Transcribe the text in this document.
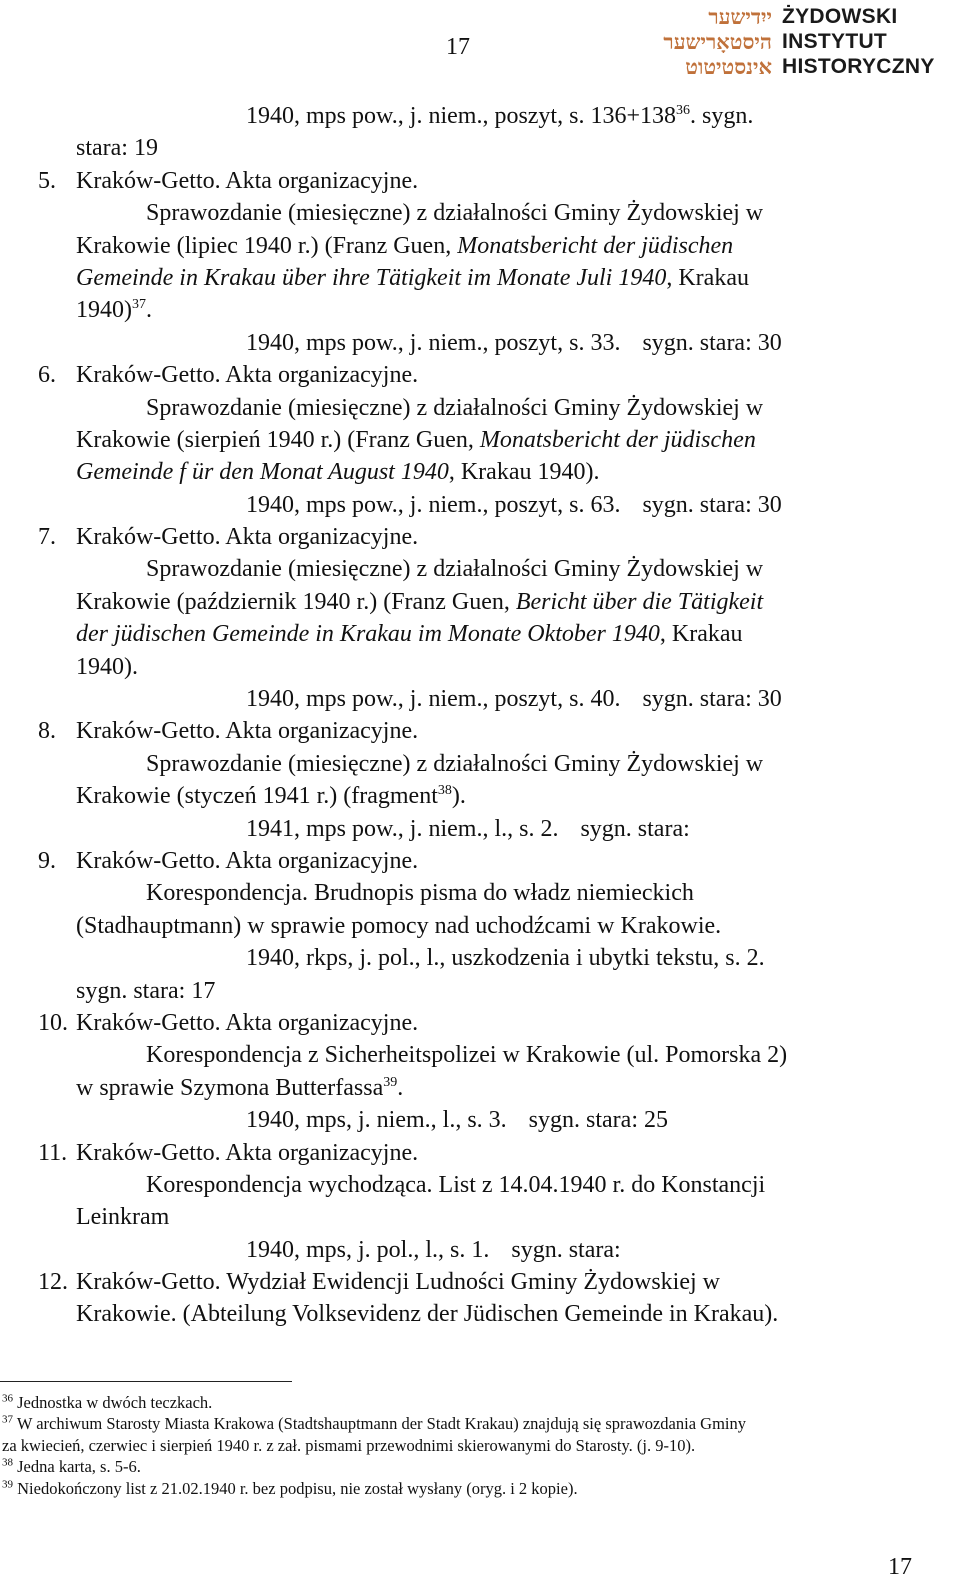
17
ייִדישער
היסטאָרישער
אינסטיטוט
ŻYDOWSKI
INSTYTUT
HISTORYCZNY
1940, mps pow., j. niem., poszyt, s. $136+138^{36}$. sygn.
stara: 19
5. Kraków-Getto. Akta organizacyjne.
Sprawozdanie (miesięczne) z działalności Gminy Żydowskiej w
Krakowie (lipiec 1940 r.) (Franz Guen, Monatsbericht der jüdischen
Gemeinde in Krakau über ihre Tätigkeit im Monate Juli 1940, Krakau
1940)$^{37}$.
1940, mps pow., j. niem., poszyt, s. 33. sygn. stara: 30
6. Kraków-Getto. Akta organizacyjne.
Sprawozdanie (miesięczne) z działalności Gminy Żydowskiej w
Krakowie (sierpień 1940 r.) (Franz Guen, Monatsbericht der jüdischen
Gemeinde f ür den Monat August 1940, Krakau 1940).
1940, mps pow., j. niem., poszyt, s. 63. sygn. stara: 30
7. Kraków-Getto. Akta organizacyjne.
Sprawozdanie (miesięczne) z działalności Gminy Żydowskiej w
Krakowie (październik 1940 r.) (Franz Guen, Bericht über die Tätigkeit
der jüdischen Gemeinde in Krakau im Monate Oktober 1940, Krakau
1940).
1940, mps pow., j. niem., poszyt, s. 40. sygn. stara: 30
8. Kraków-Getto. Akta organizacyjne.
Sprawozdanie (miesięczne) z działalności Gminy Żydowskiej w
Krakowie (styczeń 1941 r.) (fragment$^{38}$).
1941, mps pow., j. niem., l., s. 2. sygn. stara:
9. Kraków-Getto. Akta organizacyjne.
Korespondencja. Brudnopis pisma do władz niemieckich
(Stadhauptmann) w sprawie pomocy nad uchodźcami w Krakowie.
1940, rkps, j. pol., l., uszkodzenia i ubytki tekstu, s. 2.
sygn. stara: 17
10. Kraków-Getto. Akta organizacyjne.
Korespondencja z Sicherheitspolizei w Krakowie (ul. Pomorska 2)
w sprawie Szymona Butterfassa$^{39}$.
1940, mps, j. niem., l., s. 3. sygn. stara: 25
11. Kraków-Getto. Akta organizacyjne.
Korespondencja wychodząca. List z 14.04.1940 r. do Konstancji
Leinkram
1940, mps, j. pol., l., s. 1. sygn. stara:
12. Kraków-Getto. Wydział Ewidencji Ludności Gminy Żydowskiej w
Krakowie. (Abteilung Volksevidenz der Jüdischen Gemeinde in Krakau).
$^{36}$ Jednostka w dwóch teczkach.
$^{37}$ W archiwum Starosty Miasta Krakowa (Stadtshauptmann der Stadt Krakau) znajdują się sprawozdania Gminy
za kwiecień, czerwiec i sierpień 1940 r. z zał. pismami przewodnimi skierowanymi do Starosty. (j. 9-10).
$^{38}$ Jedna karta, s. 5-6.
$^{39}$ Niedokończony list z 21.02.1940 r. bez podpisu, nie został wysłany (oryg. i 2 kopie).
17
